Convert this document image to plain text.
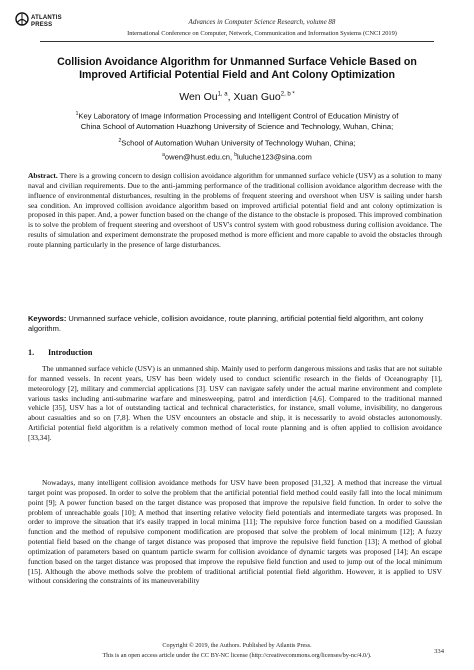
ATLANTIS
PRESS	Advances in Computer Science Research, volume 88
International Conference on Computer, Network, Communication and Information Systems (CNCI 2019)
Collision Avoidance Algorithm for Unmanned Surface Vehicle Based on
Improved Artificial Potential Field and Ant Colony Optimization
Wen Ou$^{1, a}$, Xuan Guo$^{2, b *}$
$^1$Key Laboratory of Image Information Processing and Intelligent Control of Education Ministry of
China School of Automation Huazhong University of Science and Technology, Wuhan, China;
$^2$School of Automation Wuhan University of Technology Wuhan, China;
$^a$owen@hust.edu.cn, $^b$luluche123@sina.com
Abstract. There is a growing concern to design collision avoidance algorithm for unmanned surface vehicle (USV) as a solution to many naval and civilian requirements. Due to the anti-jamming performance of the traditional collision avoidance algorithm decrease with the influence of environmental disturbances, resulting in the problems of frequent steering and overshoot when USV is sailing under harsh sea condition. An improved collision avoidance algorithm based on improved artificial potential field and ant colony optimization is proposed in this paper. And, a power function based on the change of the distance to the obstacle is proposed. This improved combination is to solve the problem of frequent steering and overshoot of USV's control system with good robustness during collision avoidance. The results of simulation and experiment demonstrate the proposed method is more efficient and more capable to avoid the obstacles through route planning particularly in the presence of large disturbances.
Keywords: Unmanned surface vehicle, collision avoidance, route planning, artificial potential field algorithm, ant colony algorithm.
1. Introduction
The unmanned surface vehicle (USV) is an unmanned ship. Mainly used to perform dangerous missions and tasks that are not suitable for manned vessels. In recent years, USV has been widely used to conduct scientific research in the fields of Oceanography [1], meteorology [2], military and commercial applications [3]. USV can navigate safely under the actual marine environment and complete various tasks including anti-submarine warfare and minesweeping, patrol and interdiction [4,6]. Compared to the traditional manned vehicle [35], USV has a lot of outstanding tactical and technical characteristics, for instance, small volume, invisibility, no dangerous about casualties and so on [7,8]. When the USV encounters an obstacle and ship, it is necessarily to avoid obstacles autonomously. Artificial potential field algorithm is a relatively common method of local route planning and is often applied to collision avoidance [33,34].
Nowadays, many intelligent collision avoidance methods for USV have been proposed [31,32]. A method that increase the virtual target point was proposed. In order to solve the problem that the artificial potential field method could easily fall into the local minimum point [9]; A power function based on the target distance was proposed that improve the repulsive field function. In order to solve the problem of unreachable goals [10]; A method that inserting relative velocity field potentials and intermediate targets was proposed. In order to improve the situation that it's easily trapped in local minima [11]; The repulsive force function based on a modified Gaussian function and the method of repulsive component modification are proposed that solve the problem of local minimum [12]; A fuzzy potential field based on the change of target distance was proposed that improve the repulsive field function [13]; A method of global optimization of parameters based on quantum particle swarm for collision avoidance of dynamic targets was proposed [14]; An escape function based on the target distance was proposed that improve the repulsive field function and used to jump out of the local minimum [15]. Although the above methods solve the problem of traditional artificial potential field algorithm. However, it is applied to USV without considering the constraints of its maneuverability
Copyright © 2019, the Authors. Published by Atlantis Press.
This is an open access article under the CC BY-NC license (http://creativecommons.org/licenses/by-nc/4.0/).
334
